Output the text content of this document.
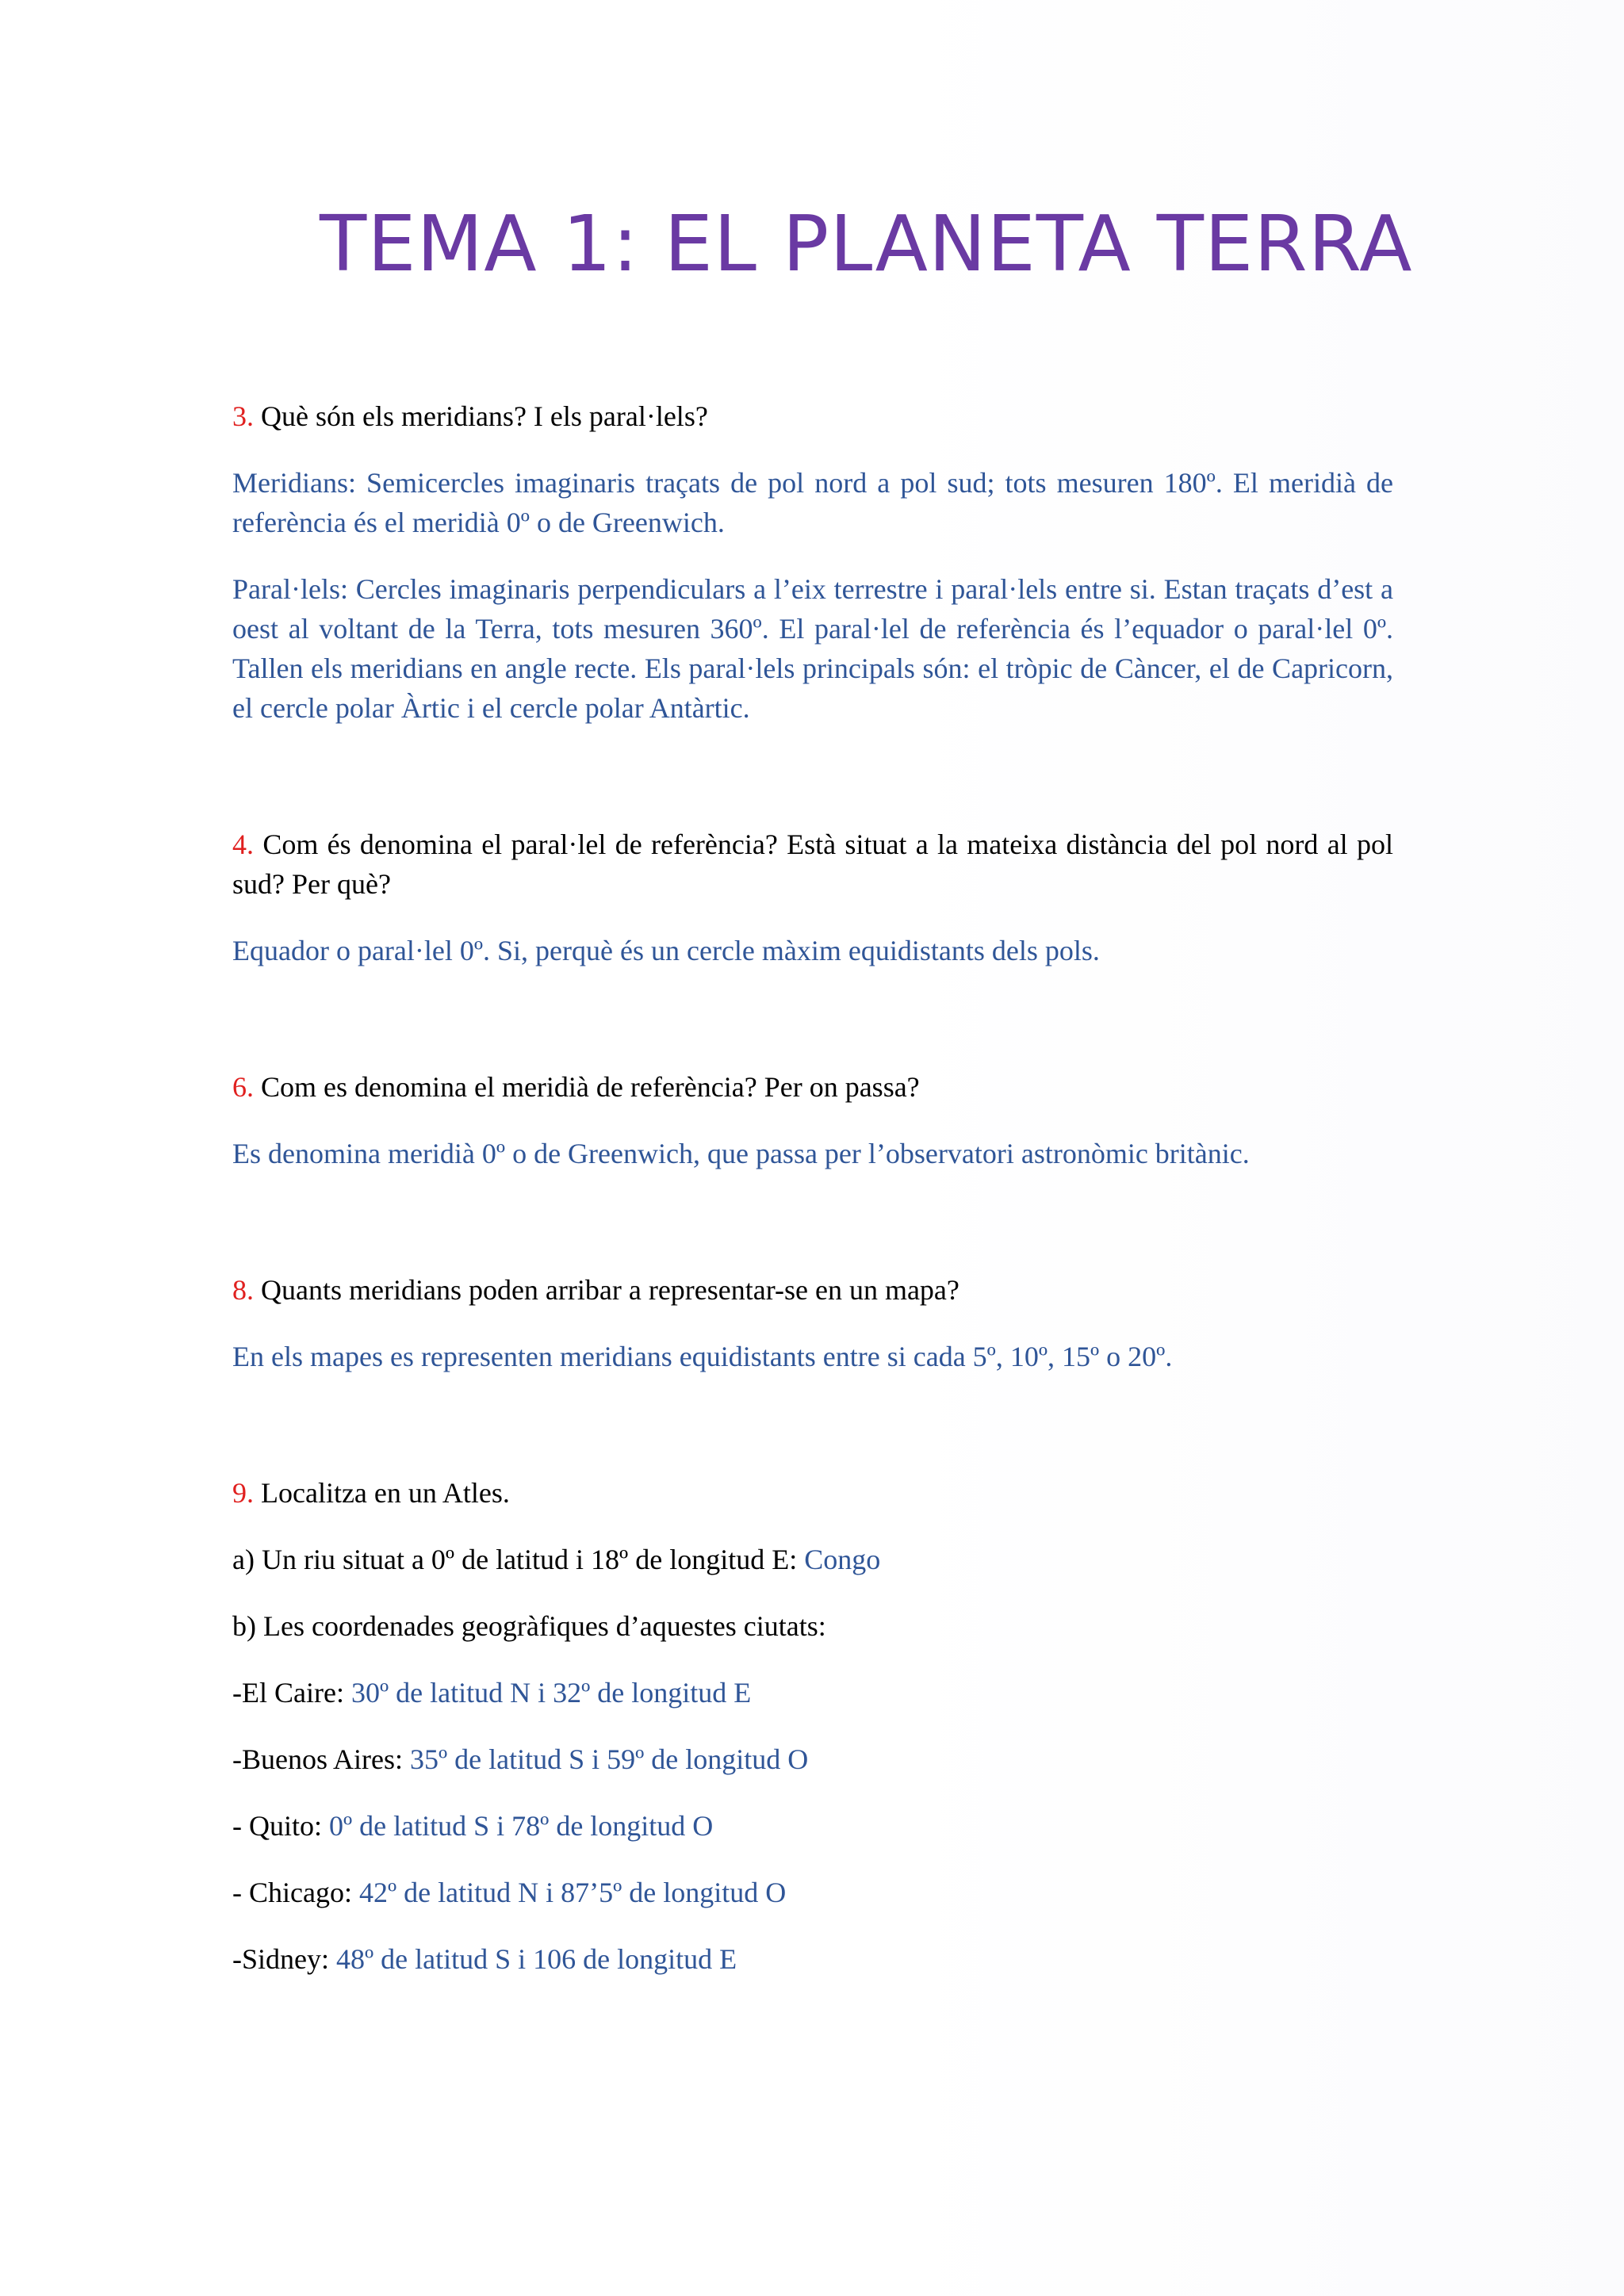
TEMA 1: EL PLANETA TERRA

3. Què són els meridians? I els paral·lels?

Meridians: Semicercles imaginaris traçats de pol nord a pol sud; tots mesuren 180º. El meridià de referència és el meridià 0º o de Greenwich.

Paral·lels: Cercles imaginaris perpendiculars a l’eix terrestre i paral·lels entre si. Estan traçats d’est a oest al voltant de la Terra, tots mesuren 360º. El paral·lel de referència és l’equador o paral·lel 0º. Tallen els meridians en angle recte. Els paral·lels principals són: el tròpic de Càncer, el de Capricorn, el cercle polar Àrtic i el cercle polar Antàrtic.

4. Com és denomina el paral·lel de referència? Està situat a la mateixa distància del pol nord al pol sud? Per què?

Equador o paral·lel 0º. Si, perquè és un cercle màxim equidistants dels pols.

6. Com es denomina el meridià de referència? Per on passa?

Es denomina meridià 0º o de Greenwich, que passa per l’observatori astronòmic britànic.

8. Quants meridians poden arribar a representar-se en un mapa?

En els mapes es representen meridians equidistants entre si cada 5º, 10º, 15º o 20º.

9. Localitza en un Atles.

a) Un riu situat a 0º de latitud i 18º de longitud E: Congo

b) Les coordenades geogràfiques d’aquestes ciutats:

-El Caire: 30º de latitud N i 32º de longitud E

-Buenos Aires: 35º de latitud S i 59º de longitud O

- Quito: 0º de latitud S i 78º de longitud O

- Chicago: 42º de latitud N i 87’5º de longitud O

-Sidney: 48º de latitud S i 106 de longitud E
